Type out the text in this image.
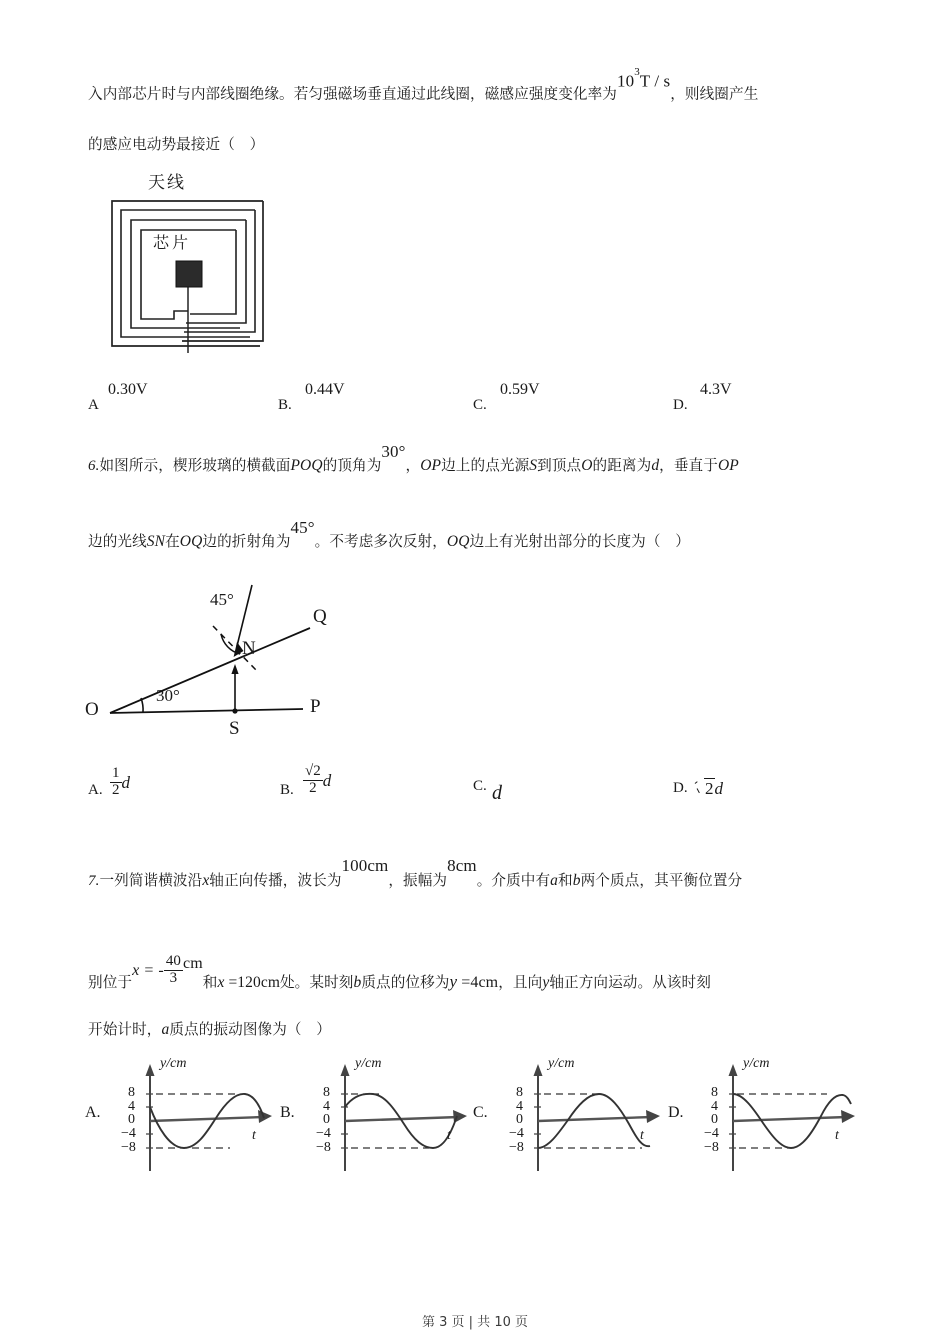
入内部芯片时与内部线圈绝缘。若匀强磁场垂直通过此线圈，磁感应强度变化率为$10^3T$ / s，则线圈产生
的感应电动势最接近（　）
天线
芯片
A
0.30V
B.
0.44V
C.
0.59V
D.
4.3V
6.如图所示，楔形玻璃的横截面POQ的顶角为30°，OP边上的点光源S到顶点O的距离为d，垂直于OP
边的光线SN在OQ边的折射角为45°。不考虑多次反射，OQ边上有光射出部分的长度为（　）
O	P
Q
S
N
30°
45°
A. $\frac{1}{2}$ d	B. $\frac{√2}{2}$ d	C. d	D.	2d
7.一列简谐横波沿x轴正向传播，波长为100cm，振幅为8cm。介质中有a和b两个质点，其平衡位置分
别位于x = - $\frac{40}{3}$ cm和x =120cm处。某时刻b质点的位移为y =4cm，且向y轴正方向运动。从该时刻
开始计时，a质点的振动图像为（　）
A.
y/cm
t
8
4
0
−4
−8
B.
y/cm
t
8
4
0
−4
−8
C.
y/cm
t
8
4
0
−4
−8
D.
y/cm
t
8
4
0
−4
−8
第 3 页 | 共 10 页
